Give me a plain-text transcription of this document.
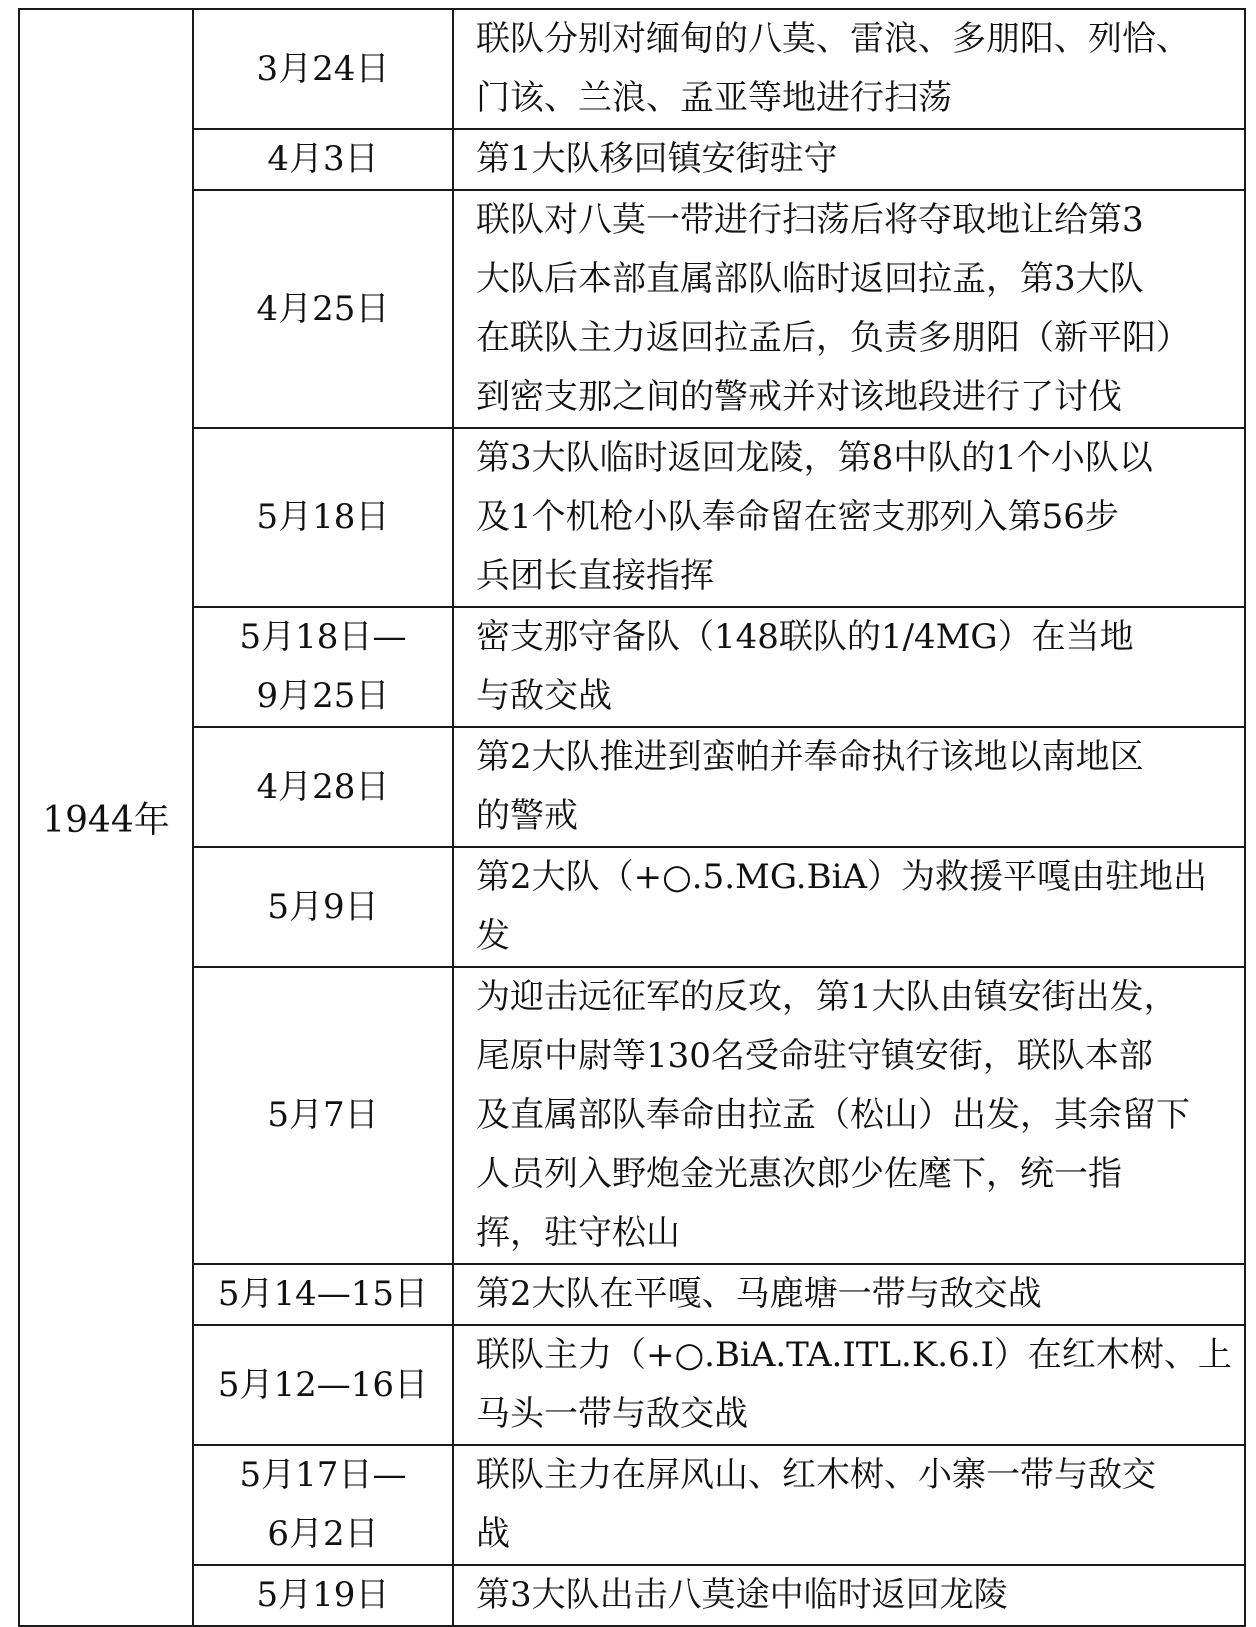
1944年	3月24日	联队分别对缅甸的八莫、雷浪、多朋阳、列恰、
门该、兰浪、孟亚等地进行扫荡

	4月3日	第1大队移回镇安街驻守

	4月25日	联队对八莫一带进行扫荡后将夺取地让给第3
大队后本部直属部队临时返回拉孟，第3大队
在联队主力返回拉孟后，负责多朋阳（新平阳）
到密支那之间的警戒并对该地段进行了讨伐

	5月18日	第3大队临时返回龙陵，第8中队的1个小队以
及1个机枪小队奉命留在密支那列入第56步
兵团长直接指挥

	5月18日—
9月25日	密支那守备队（148联队的1/4MG）在当地
与敌交战

	4月28日	第2大队推进到蛮帕并奉命执行该地以南地区
的警戒

	5月9日	第2大队（+○.5.MG.BiA）为救援平嘎由驻地出发

	5月7日	为迎击远征军的反攻，第1大队由镇安街出发，
尾原中尉等130名受命驻守镇安街，联队本部
及直属部队奉命由拉孟（松山）出发，其余留下
人员列入野炮金光惠次郎少佐麾下，统一指
挥，驻守松山

	5月14—15日	第2大队在平嘎、马鹿塘一带与敌交战

	5月12—16日	联队主力（+○.BiA.TA.ITL.K.6.Ⅰ）在红木树、上
马头一带与敌交战

	5月17日—
6月2日	联队主力在屏风山、红木树、小寨一带与敌交
战

	5月19日	第3大队出击八莫途中临时返回龙陵
